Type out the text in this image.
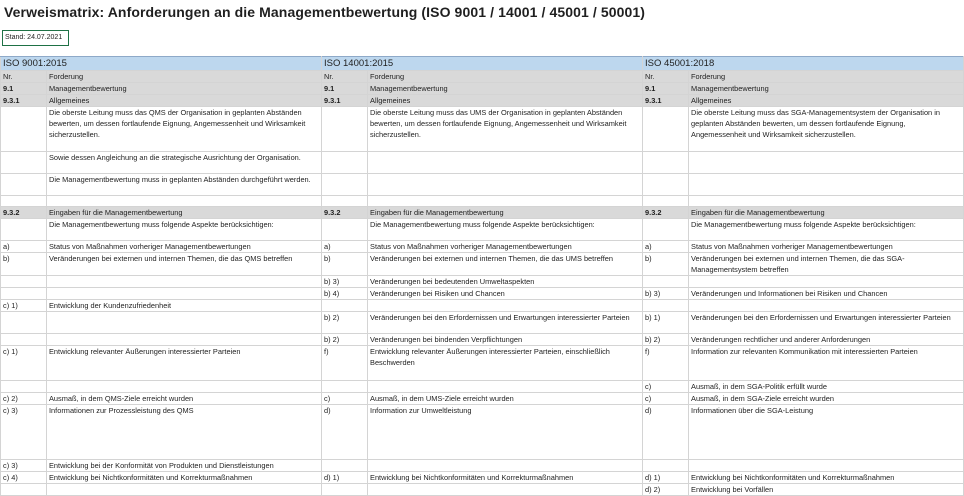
Verweismatrix: Anforderungen an die Managementbewertung (ISO 9001 / 14001 / 45001 / 50001)
Stand: 24.07.2021
ISO 9001:2015		ISO 14001:2015		ISO 45001:2018	
Nr.	Forderung	Nr.	Forderung	Nr.	Forderung
9.1	Managementbewertung	9.1	Managementbewertung	9.1	Managementbewertung
9.3.1	Allgemeines	9.3.1	Allgemeines	9.3.1	Allgemeines
	Die oberste Leitung muss das QMS der Organisation in geplanten Abständen bewerten, um dessen fortlaufende Eignung, Angemessenheit und Wirksamkeit sicherzustellen.		Die oberste Leitung muss das UMS der Organisation in geplanten Abständen bewerten, um dessen fortlaufende Eignung, Angemessenheit und Wirksamkeit sicherzustellen.		Die oberste Leitung muss das SGA-Managementsystem der Organisation in geplanten Abständen bewerten, um dessen fortlaufende Eignung, Angemessenheit und Wirksamkeit sicherzustellen.
	Sowie dessen Angleichung an die strategische Ausrichtung der Organisation.				
	Die Managementbewertung muss in geplanten Abständen durchgeführt werden.				

9.3.2	Eingaben für die Managementbewertung	9.3.2	Eingaben für die Managementbewertung	9.3.2	Eingaben für die Managementbewertung
	Die Managementbewertung muss folgende Aspekte berücksichtigen:		Die Managementbewertung muss folgende Aspekte berücksichtigen:		Die Managementbewertung muss folgende Aspekte berücksichtigen:
a)	Status von Maßnahmen vorheriger Managementbewertungen	a)	Status von Maßnahmen vorheriger Managementbewertungen	a)	Status von Maßnahmen vorheriger Managementbewertungen
b)	Veränderungen bei externen und internen Themen, die das QMS betreffen	b)	Veränderungen bei externen und internen Themen, die das UMS betreffen	b)	Veränderungen bei externen und internen Themen, die das SGA-Managementsystem betreffen
		b) 3)	Veränderungen bei bedeutenden Umweltaspekten		
		b) 4)	Veränderungen bei Risiken und Chancen	b) 3)	Veränderungen und Informationen bei Risiken und Chancen
c) 1)	Entwicklung der Kundenzufriedenheit				
		b) 2)	Veränderungen bei den Erfordernissen und Erwartungen interessierter Parteien	b) 1)	Veränderungen bei den Erfordernissen und Erwartungen interessierter Parteien
		b) 2)	Veränderungen bei bindenden Verpflichtungen	b) 2)	Veränderungen rechtlicher und anderer Anforderungen
c) 1)	Entwicklung relevanter Äußerungen interessierter Parteien	f)	Entwicklung relevanter Äußerungen interessierter Parteien, einschließlich Beschwerden	f)	Information zur relevanten Kommunikation mit interessierten Parteien
				c)	Ausmaß, in dem SGA-Politik erfüllt wurde
c) 2)	Ausmaß, in dem QMS-Ziele erreicht wurden	c)	Ausmaß, in dem UMS-Ziele erreicht wurden	c)	Ausmaß, in dem SGA-Ziele erreicht wurden
c) 3)	Informationen zur Prozessleistung des QMS	d)	Information zur Umweltleistung	d)	Informationen über die SGA-Leistung
c) 3)	Entwicklung bei der Konformität von Produkten und Dienstleistungen				
c) 4)	Entwicklung bei Nichtkonformitäten und Korrekturmaßnahmen	d) 1)	Entwicklung bei Nichtkonformitäten und Korrekturmaßnahmen	d) 1)	Entwicklung bei Nichtkonformitäten und Korrekturmaßnahmen
				d) 2)	Entwicklung bei Vorfällen
